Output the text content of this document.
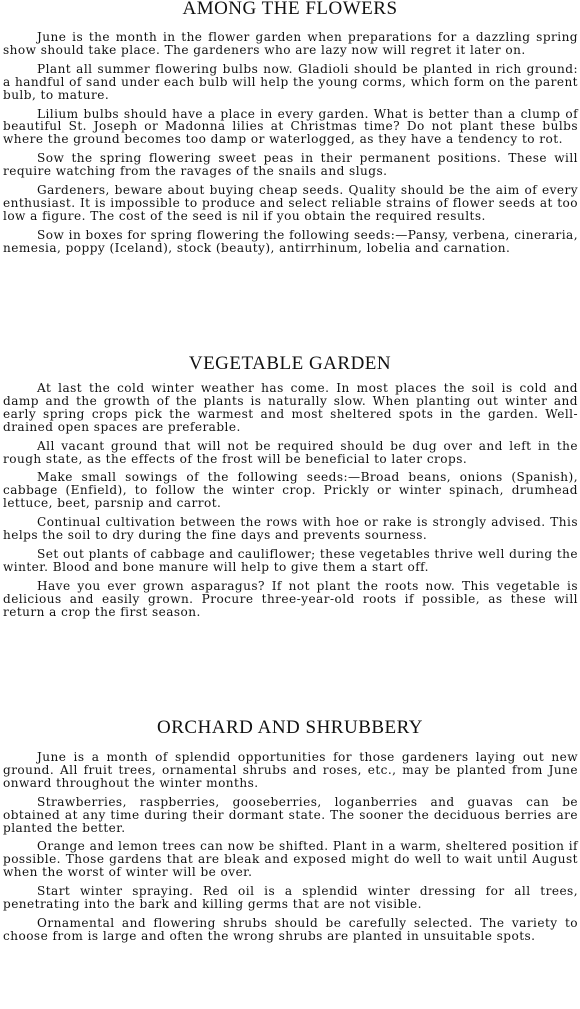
AMONG THE FLOWERS

June is the month in the flower garden when preparations for a dazzling spring show should take place. The gardeners who are lazy now will regret it later on.

Plant all summer flowering bulbs now. Gladioli should be planted in rich ground: a handful of sand under each bulb will help the young corms, which form on the parent bulb, to mature.

Lilium bulbs should have a place in every garden. What is better than a clump of beautiful St. Joseph or Madonna lilies at Christmas time? Do not plant these bulbs where the ground becomes too damp or waterlogged, as they have a tendency to rot.

Sow the spring flowering sweet peas in their permanent positions. These will require watching from the ravages of the snails and slugs.

Gardeners, beware about buying cheap seeds. Quality should be the aim of every enthusiast. It is impossible to produce and select reliable strains of flower seeds at too low a figure. The cost of the seed is nil if you obtain the required results.

Sow in boxes for spring flowering the following seeds:—Pansy, verbena, cineraria, nemesia, poppy (Iceland), stock (beauty), antirrhinum, lobelia and carnation.

VEGETABLE GARDEN

At last the cold winter weather has come. In most places the soil is cold and damp and the growth of the plants is naturally slow. When planting out winter and early spring crops pick the warmest and most sheltered spots in the garden. Well-drained open spaces are preferable.

All vacant ground that will not be required should be dug over and left in the rough state, as the effects of the frost will be beneficial to later crops.

Make small sowings of the following seeds:—Broad beans, onions (Spanish), cabbage (Enfield), to follow the winter crop. Prickly or winter spinach, drumhead lettuce, beet, parsnip and carrot.

Continual cultivation between the rows with hoe or rake is strongly advised. This helps the soil to dry during the fine days and prevents sourness.

Set out plants of cabbage and cauliflower; these vegetables thrive well during the winter. Blood and bone manure will help to give them a start off.

Have you ever grown asparagus? If not plant the roots now. This vegetable is delicious and easily grown. Procure three-year-old roots if possible, as these will return a crop the first season.

ORCHARD AND SHRUBBERY

June is a month of splendid opportunities for those gardeners laying out new ground. All fruit trees, ornamental shrubs and roses, etc., may be planted from June onward throughout the winter months.

Strawberries, raspberries, gooseberries, loganberries and guavas can be obtained at any time during their dormant state. The sooner the deciduous berries are planted the better.

Orange and lemon trees can now be shifted. Plant in a warm, sheltered position if possible. Those gardens that are bleak and exposed might do well to wait until August when the worst of winter will be over.

Start winter spraying. Red oil is a splendid winter dressing for all trees, penetrating into the bark and killing germs that are not visible.

Ornamental and flowering shrubs should be carefully selected. The variety to choose from is large and often the wrong shrubs are planted in unsuitable spots.
